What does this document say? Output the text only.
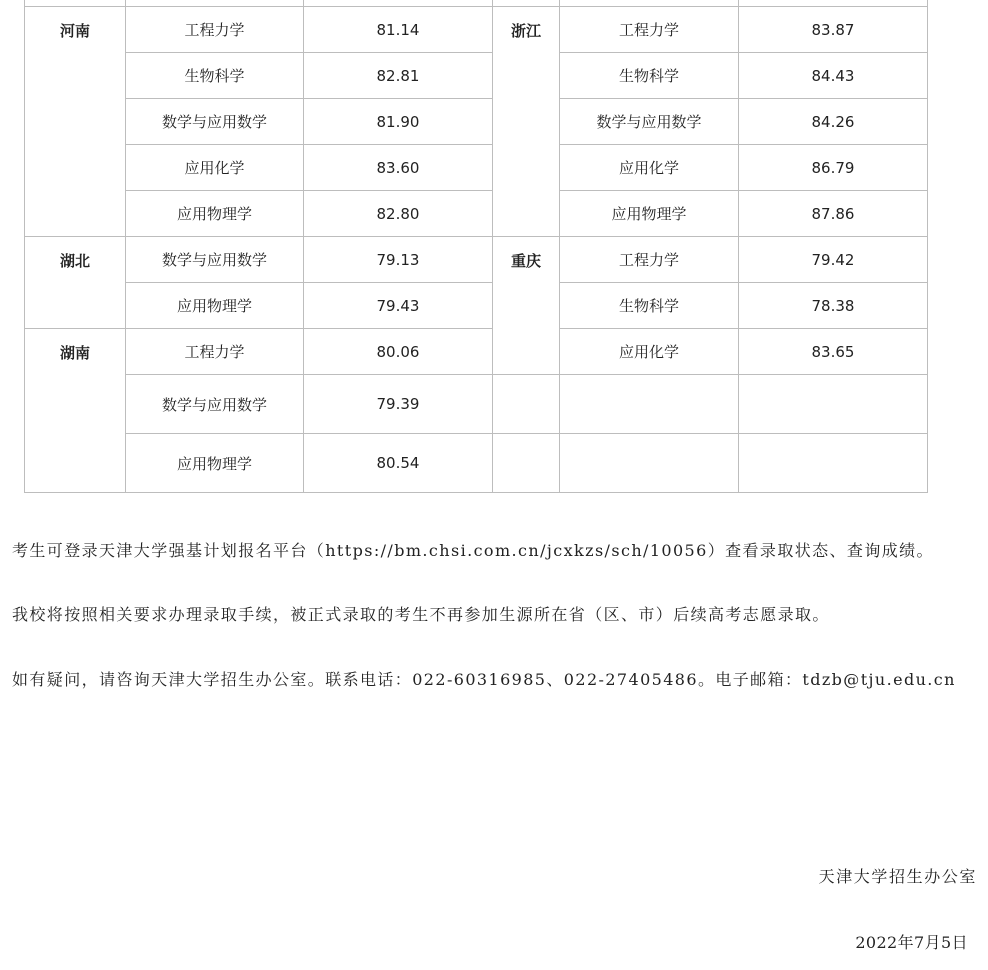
河南	工程力学	81.14	浙江	工程力学	83.87
	生物科学	82.81		生物科学	84.43
	数学与应用数学	81.90		数学与应用数学	84.26
	应用化学	83.60		应用化学	86.79
	应用物理学	82.80		应用物理学	87.86
湖北	数学与应用数学	79.13	重庆	工程力学	79.42
	应用物理学	79.43		生物科学	78.38
湖南	工程力学	80.06		应用化学	83.65
	数学与应用数学	79.39			
	应用物理学	80.54			
考生可登录天津大学强基计划报名平台（https://bm.chsi.com.cn/jcxkzs/sch/10056）查看录取状态、查询成绩。
我校将按照相关要求办理录取手续，被正式录取的考生不再参加生源所在省（区、市）后续高考志愿录取。
如有疑问，请咨询天津大学招生办公室。联系电话：022-60316985、022-27405486。电子邮箱：tdzb@tju.edu.cn
天津大学招生办公室
2022年7月5日
